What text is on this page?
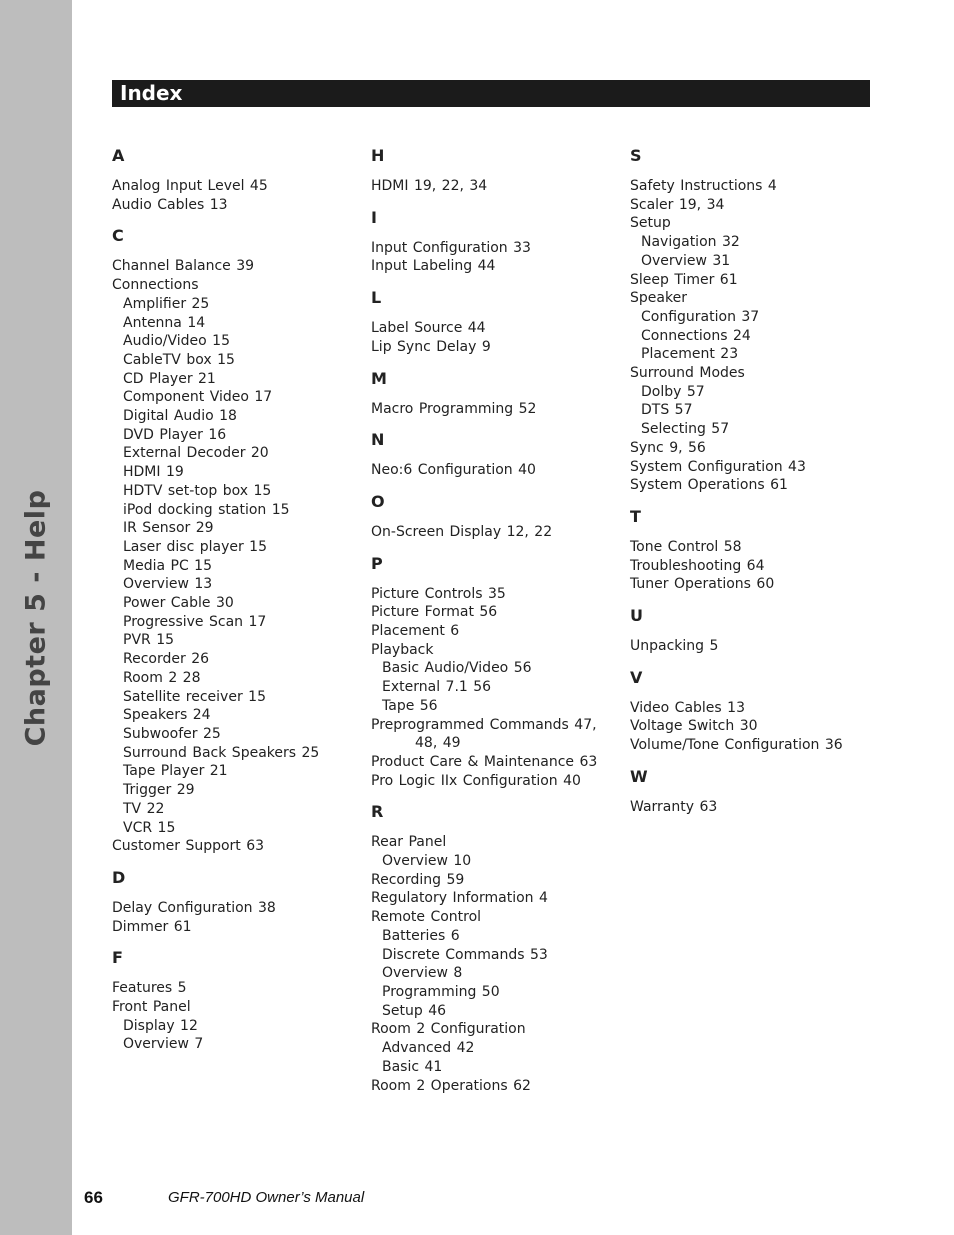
Chapter 5 - Help
Index
A
Analog Input Level 45
Audio Cables 13
C
Channel Balance 39
Connections
Amplifier 25
Antenna 14
Audio/Video 15
CableTV box 15
CD Player 21
Component Video 17
Digital Audio 18
DVD Player 16
External Decoder 20
HDMI 19
HDTV set-top box 15
iPod docking station 15
IR Sensor 29
Laser disc player 15
Media PC 15
Overview 13
Power Cable 30
Progressive Scan 17
PVR 15
Recorder 26
Room 2 28
Satellite receiver 15
Speakers 24
Subwoofer 25
Surround Back Speakers 25
Tape Player 21
Trigger 29
TV 22
VCR 15
Customer Support 63
D
Delay Configuration 38
Dimmer 61
F
Features 5
Front Panel
Display 12
Overview 7
H
HDMI 19, 22, 34
I
Input Configuration 33
Input Labeling 44
L
Label Source 44
Lip Sync Delay 9
M
Macro Programming 52
N
Neo:6 Configuration 40
O
On-Screen Display 12, 22
P
Picture Controls 35
Picture Format 56
Placement 6
Playback
Basic Audio/Video 56
External 7.1 56
Tape 56
Preprogrammed Commands 47,
48, 49
Product Care & Maintenance 63
Pro Logic IIx Configuration 40
R
Rear Panel
Overview 10
Recording 59
Regulatory Information 4
Remote Control
Batteries 6
Discrete Commands 53
Overview 8
Programming 50
Setup 46
Room 2 Configuration
Advanced 42
Basic 41
Room 2 Operations 62
S
Safety Instructions 4
Scaler 19, 34
Setup
Navigation 32
Overview 31
Sleep Timer 61
Speaker
Configuration 37
Connections 24
Placement 23
Surround Modes
Dolby 57
DTS 57
Selecting 57
Sync 9, 56
System Configuration 43
System Operations 61
T
Tone Control 58
Troubleshooting 64
Tuner Operations 60
U
Unpacking 5
V
Video Cables 13
Voltage Switch 30
Volume/Tone Configuration 36
W
Warranty 63
66	GFR-700HD Owner’s Manual
